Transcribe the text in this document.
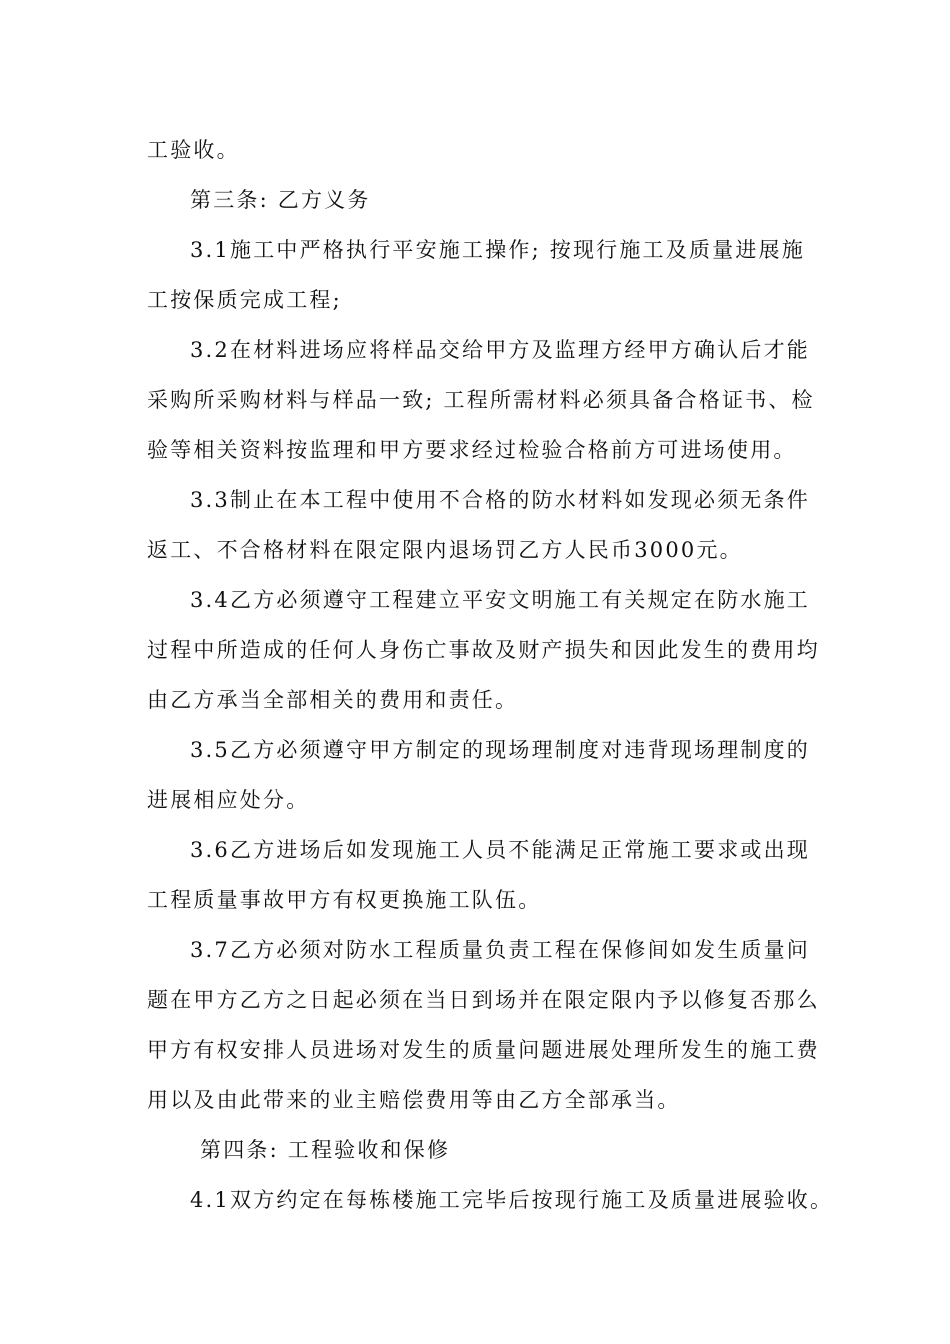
工验收。
第三条: 乙方义务
3.1施工中严格执行平安施工操作; 按现行施工及质量进展施
工按保质完成工程;
3.2在材料进场应将样品交给甲方及监理方经甲方确认后才能
采购所采购材料与样品一致; 工程所需材料必须具备合格证书、检
验等相关资料按监理和甲方要求经过检验合格前方可进场使用。
3.3制止在本工程中使用不合格的防水材料如发现必须无条件
返工、不合格材料在限定限内退场罚乙方人民币3000元。
3.4乙方必须遵守工程建立平安文明施工有关规定在防水施工
过程中所造成的任何人身伤亡事故及财产损失和因此发生的费用均
由乙方承当全部相关的费用和责任。
3.5乙方必须遵守甲方制定的现场理制度对违背现场理制度的
进展相应处分。
3.6乙方进场后如发现施工人员不能满足正常施工要求或出现
工程质量事故甲方有权更换施工队伍。
3.7乙方必须对防水工程质量负责工程在保修间如发生质量问
题在甲方乙方之日起必须在当日到场并在限定限内予以修复否那么
甲方有权安排人员进场对发生的质量问题进展处理所发生的施工费
用以及由此带来的业主赔偿费用等由乙方全部承当。
第四条: 工程验收和保修
4.1双方约定在每栋楼施工完毕后按现行施工及质量进展验收。
